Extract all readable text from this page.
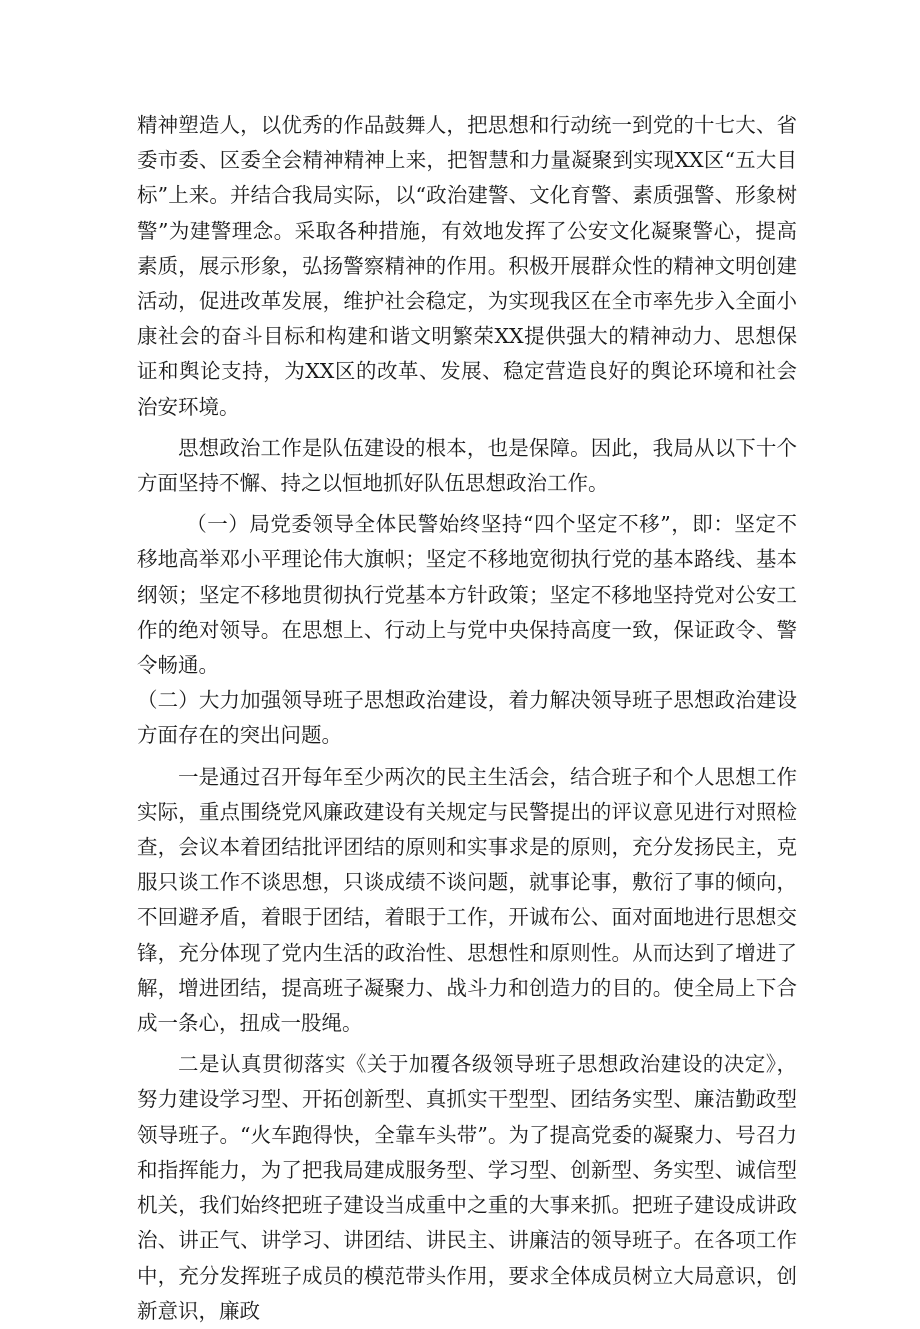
精神塑造人，以优秀的作品鼓舞人，把思想和行动统一到党的十七大、省委市委、区委全会精神精神上来，把智慧和力量凝聚到实现XX区“五大目标”上来。并结合我局实际，以“政治建警、文化育警、素质强警、形象树警”为建警理念。采取各种措施，有效地发挥了公安文化凝聚警心，提高素质，展示形象，弘扬警察精神的作用。积极开展群众性的精神文明创建活动，促进改革发展，维护社会稳定，为实现我区在全市率先步入全面小康社会的奋斗目标和构建和谐文明繁荣XX提供强大的精神动力、思想保证和舆论支持，为XX区的改革、发展、稳定营造良好的舆论环境和社会治安环境。

思想政治工作是队伍建设的根本，也是保障。因此，我局从以下十个方面坚持不懈、持之以恒地抓好队伍思想政治工作。

（一）局党委领导全体民警始终坚持“四个坚定不移”，即：坚定不移地高举邓小平理论伟大旗帜；坚定不移地宽彻执行党的基本路线、基本纲领；坚定不移地贯彻执行党基本方针政策；坚定不移地坚持党对公安工作的绝对领导。在思想上、行动上与党中央保持高度一致，保证政令、警令畅通。

（二）大力加强领导班子思想政治建设，着力解决领导班子思想政治建设方面存在的突出问题。

一是通过召开每年至少两次的民主生活会，结合班子和个人思想工作实际，重点围绕党风廉政建设有关规定与民警提出的评议意见进行对照检查，会议本着团结批评团结的原则和实事求是的原则，充分发扬民主，克服只谈工作不谈思想，只谈成绩不谈问题，就事论事，敷衍了事的倾向，不回避矛盾，着眼于团结，着眼于工作，开诚布公、面对面地进行思想交锋，充分体现了党内生活的政治性、思想性和原则性。从而达到了增进了解，增进团结，提高班子凝聚力、战斗力和创造力的目的。使全局上下合成一条心，扭成一股绳。

二是认真贯彻落实《关于加覆各级领导班子思想政治建设的决定》，努力建设学习型、开拓创新型、真抓实干型型、团结务实型、廉洁勤政型领导班子。“火车跑得快，全靠车头带”。为了提高党委的凝聚力、号召力和指挥能力，为了把我局建成服务型、学习型、创新型、务实型、诚信型机关，我们始终把班子建设当成重中之重的大事来抓。把班子建设成讲政治、讲正气、讲学习、讲团结、讲民主、讲廉洁的领导班子。在各项工作中，充分发挥班子成员的模范带头作用，要求全体成员树立大局意识，创新意识，廉政
